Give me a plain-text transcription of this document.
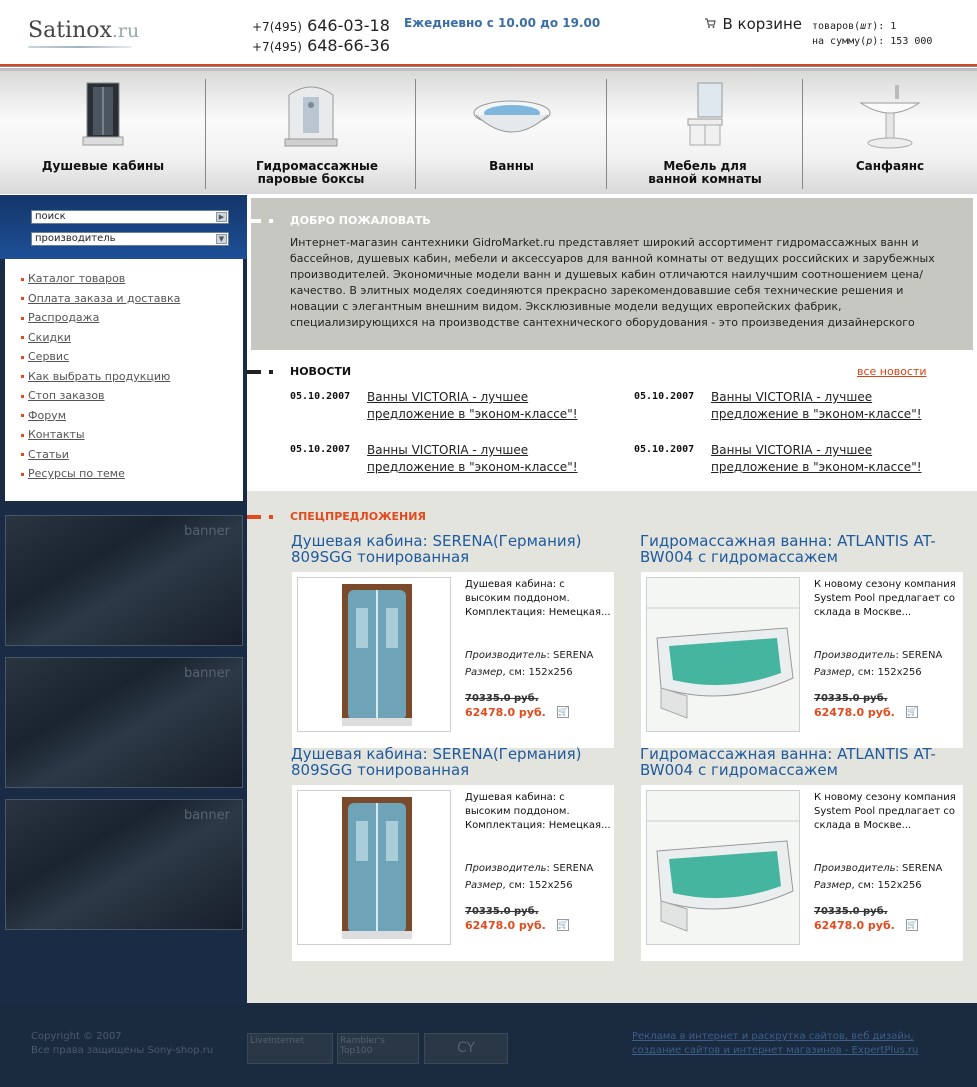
Satinox.ru	+7(495) 646-03-18
+7(495) 648-66-36
Ежедневно с 10.00 до 19.00	В корзине товаров(шт): 1
на сумму(р): 153 000
Душевые кабины	Гидромассажные паровые боксы
Ванны	Мебель для ванной комнаты
Санфаянс
поиск	▶
производитель	▼
Каталог товаров
Оплата заказа и доставка
Распродажа
Скидки
Сервис
Как выбрать продукцию
Стоп заказов
Форум
Контакты
Статьи
Ресурсы по теме
banner
banner
banner
ДОБРО ПОЖАЛОВАТЬ
Интернет-магазин сантехники GidroMarket.ru представляет широкий ассортимент гидромассажных ванн и бассейнов, душевых кабин, мебели и аксессуаров для ванной комнаты от ведущих российских и зарубежных производителей. Экономичные модели ванн и душевых кабин отличаются наилучшим соотношением цена/качество. В элитных моделях соединяются прекрасно зарекомендовавшие себя технические решения и новации с элегантным внешним видом. Эксклюзивные модели ведущих европейских фабрик, специализирующихся на производстве сантехнического оборудования - это произведения дизайнерского
НОВОСТИ	все новости
05.10.2007 Ванны VICTORIA - лучшее предложение в "эконом-классе"!
05.10.2007 Ванны VICTORIA - лучшее предложение в "эконом-классе"!
05.10.2007 Ванны VICTORIA - лучшее предложение в "эконом-классе"!
05.10.2007 Ванны VICTORIA - лучшее предложение в "эконом-классе"!
СПЕЦПРЕДЛОЖЕНИЯ
Душевая кабина: SERENA(Германия) 809SGG тонированная
Душевая кабина: с высоким поддоном. Комплектация: Немецкая...
Производитель: SERENA
Размер, см: 152x256
70335.0 руб.
62478.0 руб. 🛒
Гидромассажная ванна: ATLANTIS AT-BW004 с гидромассажем
К новому сезону компания System Pool предлагает со склада в Москве...
Производитель: SERENA
Размер, см: 152x256
70335.0 руб.
62478.0 руб. 🛒
Душевая кабина: SERENA(Германия) 809SGG тонированная
Душевая кабина: с высоким поддоном. Комплектация: Немецкая...
Производитель: SERENA
Размер, см: 152x256
70335.0 руб.
62478.0 руб. 🛒
Гидромассажная ванна: ATLANTIS AT-BW004 с гидромассажем
К новому сезону компания System Pool предлагает со склада в Москве...
Производитель: SERENA
Размер, см: 152x256
70335.0 руб.
62478.0 руб. 🛒
Copyright © 2007
Все права защищены Sony-shop.ru
LiveInternet	Rambler's Top100	CY
Реклама в интернет и раскрутка сайтов, веб дизайн,
создание сайтов и интернет магазинов - ExpertPlus.ru
